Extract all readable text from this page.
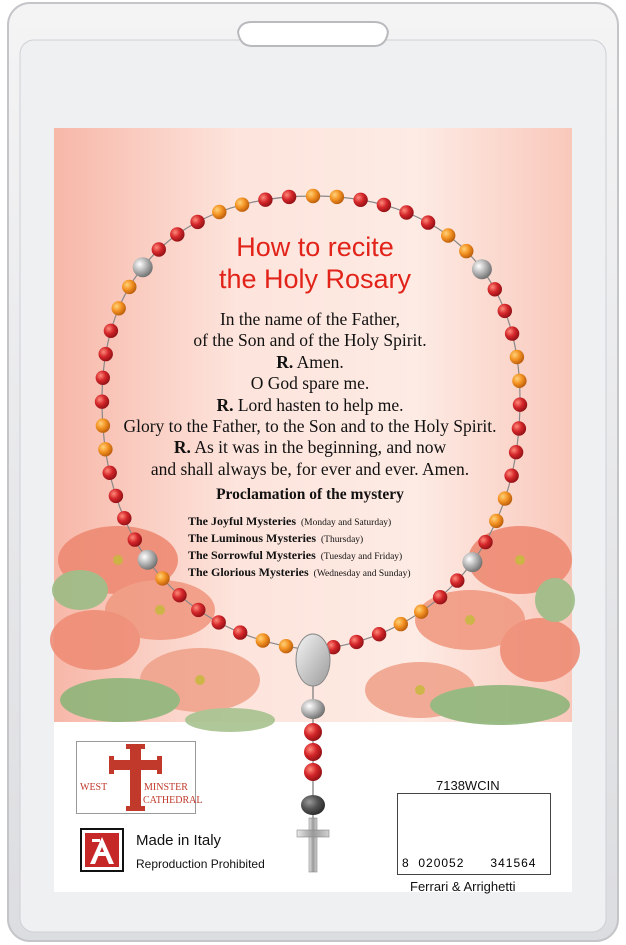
How to recite
the Holy Rosary
In the name of the Father,
of the Son and of the Holy Spirit.
R. Amen.
O God spare me.
R. Lord hasten to help me.
Glory to the Father, to the Son and to the Holy Spirit.
R. As it was in the beginning, and now
and shall always be, for ever and ever. Amen.
Proclamation of the mystery
The Joyful Mysteries (Monday and Saturday)
The Luminous Mysteries (Thursday)
The Sorrowful Mysteries (Tuesday and Friday)
The Glorious Mysteries (Wednesday and Sunday)
WEST	MINSTER
CATHEDRAL
Made in Italy
Reproduction Prohibited
7138WCIN
8 020052 341564
Ferrari & Arrighetti
